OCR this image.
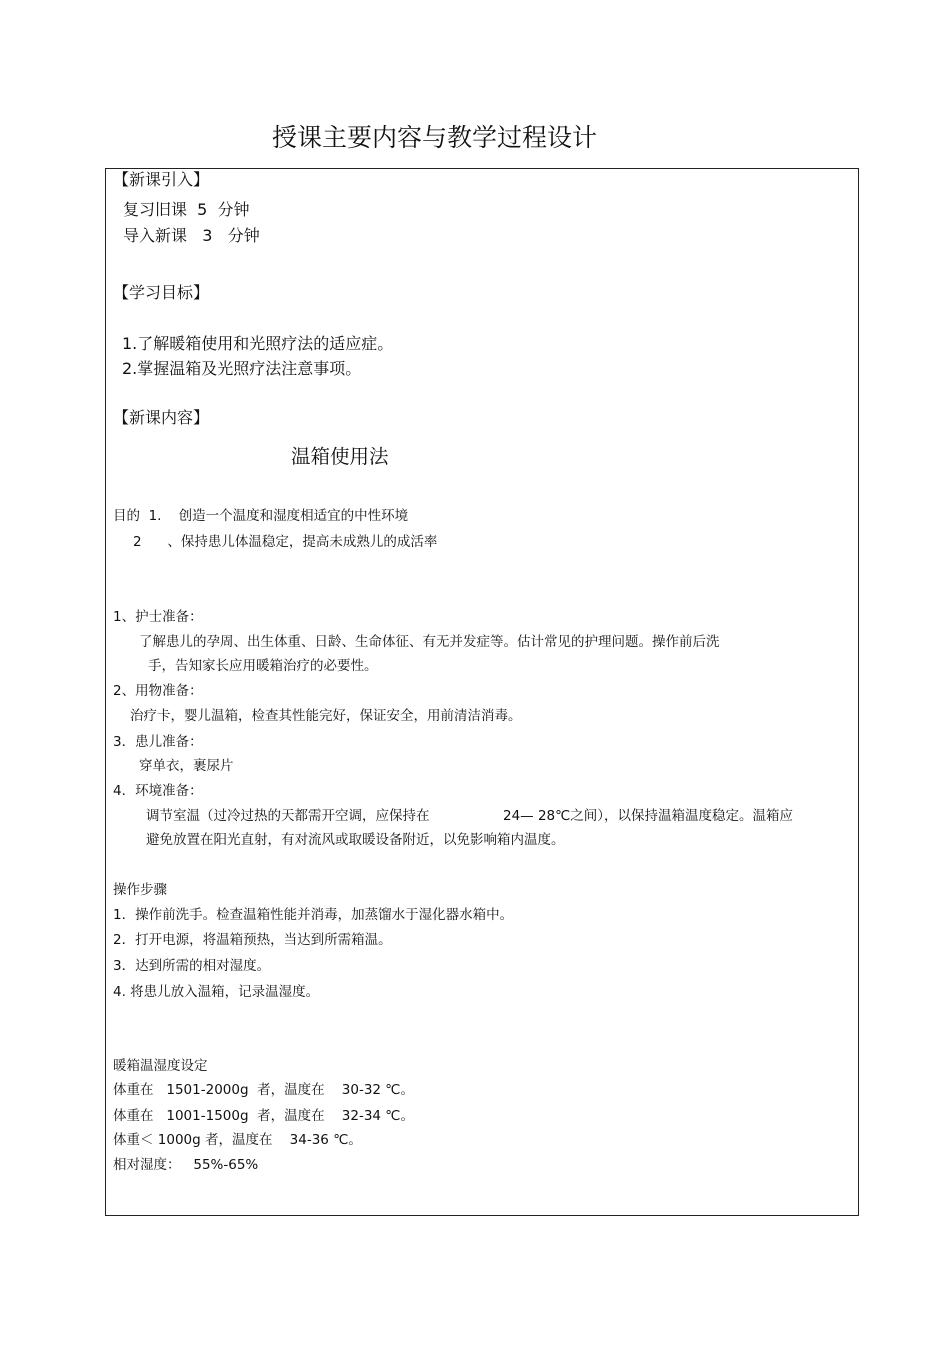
授课主要内容与教学过程设计
【新课引入】
复习旧课  5  分钟
导入新课   3   分钟
【学习目标】
1.了解暖箱使用和光照疗法的适应症。
2.掌握温箱及光照疗法注意事项。
【新课内容】
温箱使用法
目的  1.    创造一个温度和湿度相适宜的中性环境
2      、保持患儿体温稳定，提高未成熟儿的成活率
1、护士准备：
了解患儿的孕周、出生体重、日龄、生命体征、有无并发症等。估计常见的护理问题。操作前后洗
手，告知家长应用暖箱治疗的必要性。
2、用物准备：
治疗卡，婴儿温箱，检查其性能完好，保证安全，用前清洁消毒。
3．患儿准备：
穿单衣，裹尿片
4．环境准备：
调节室温（过冷过热的天都需开空调，应保持在	24— 28℃之间），以保持温箱温度稳定。温箱应
避免放置在阳光直射，有对流风或取暖设备附近，以免影响箱内温度。
操作步骤
1．操作前洗手。检查温箱性能并消毒，加蒸馏水于湿化器水箱中。
2．打开电源，将温箱预热，当达到所需箱温。
3．达到所需的相对湿度。
4. 将患儿放入温箱，记录温湿度。
暖箱温湿度设定
体重在   1501-2000g  者，温度在    30-32 ℃。
体重在   1001-1500g  者，温度在    32-34 ℃。
体重＜ 1000g 者，温度在    34-36 ℃。
相对湿度：   55%-65%
